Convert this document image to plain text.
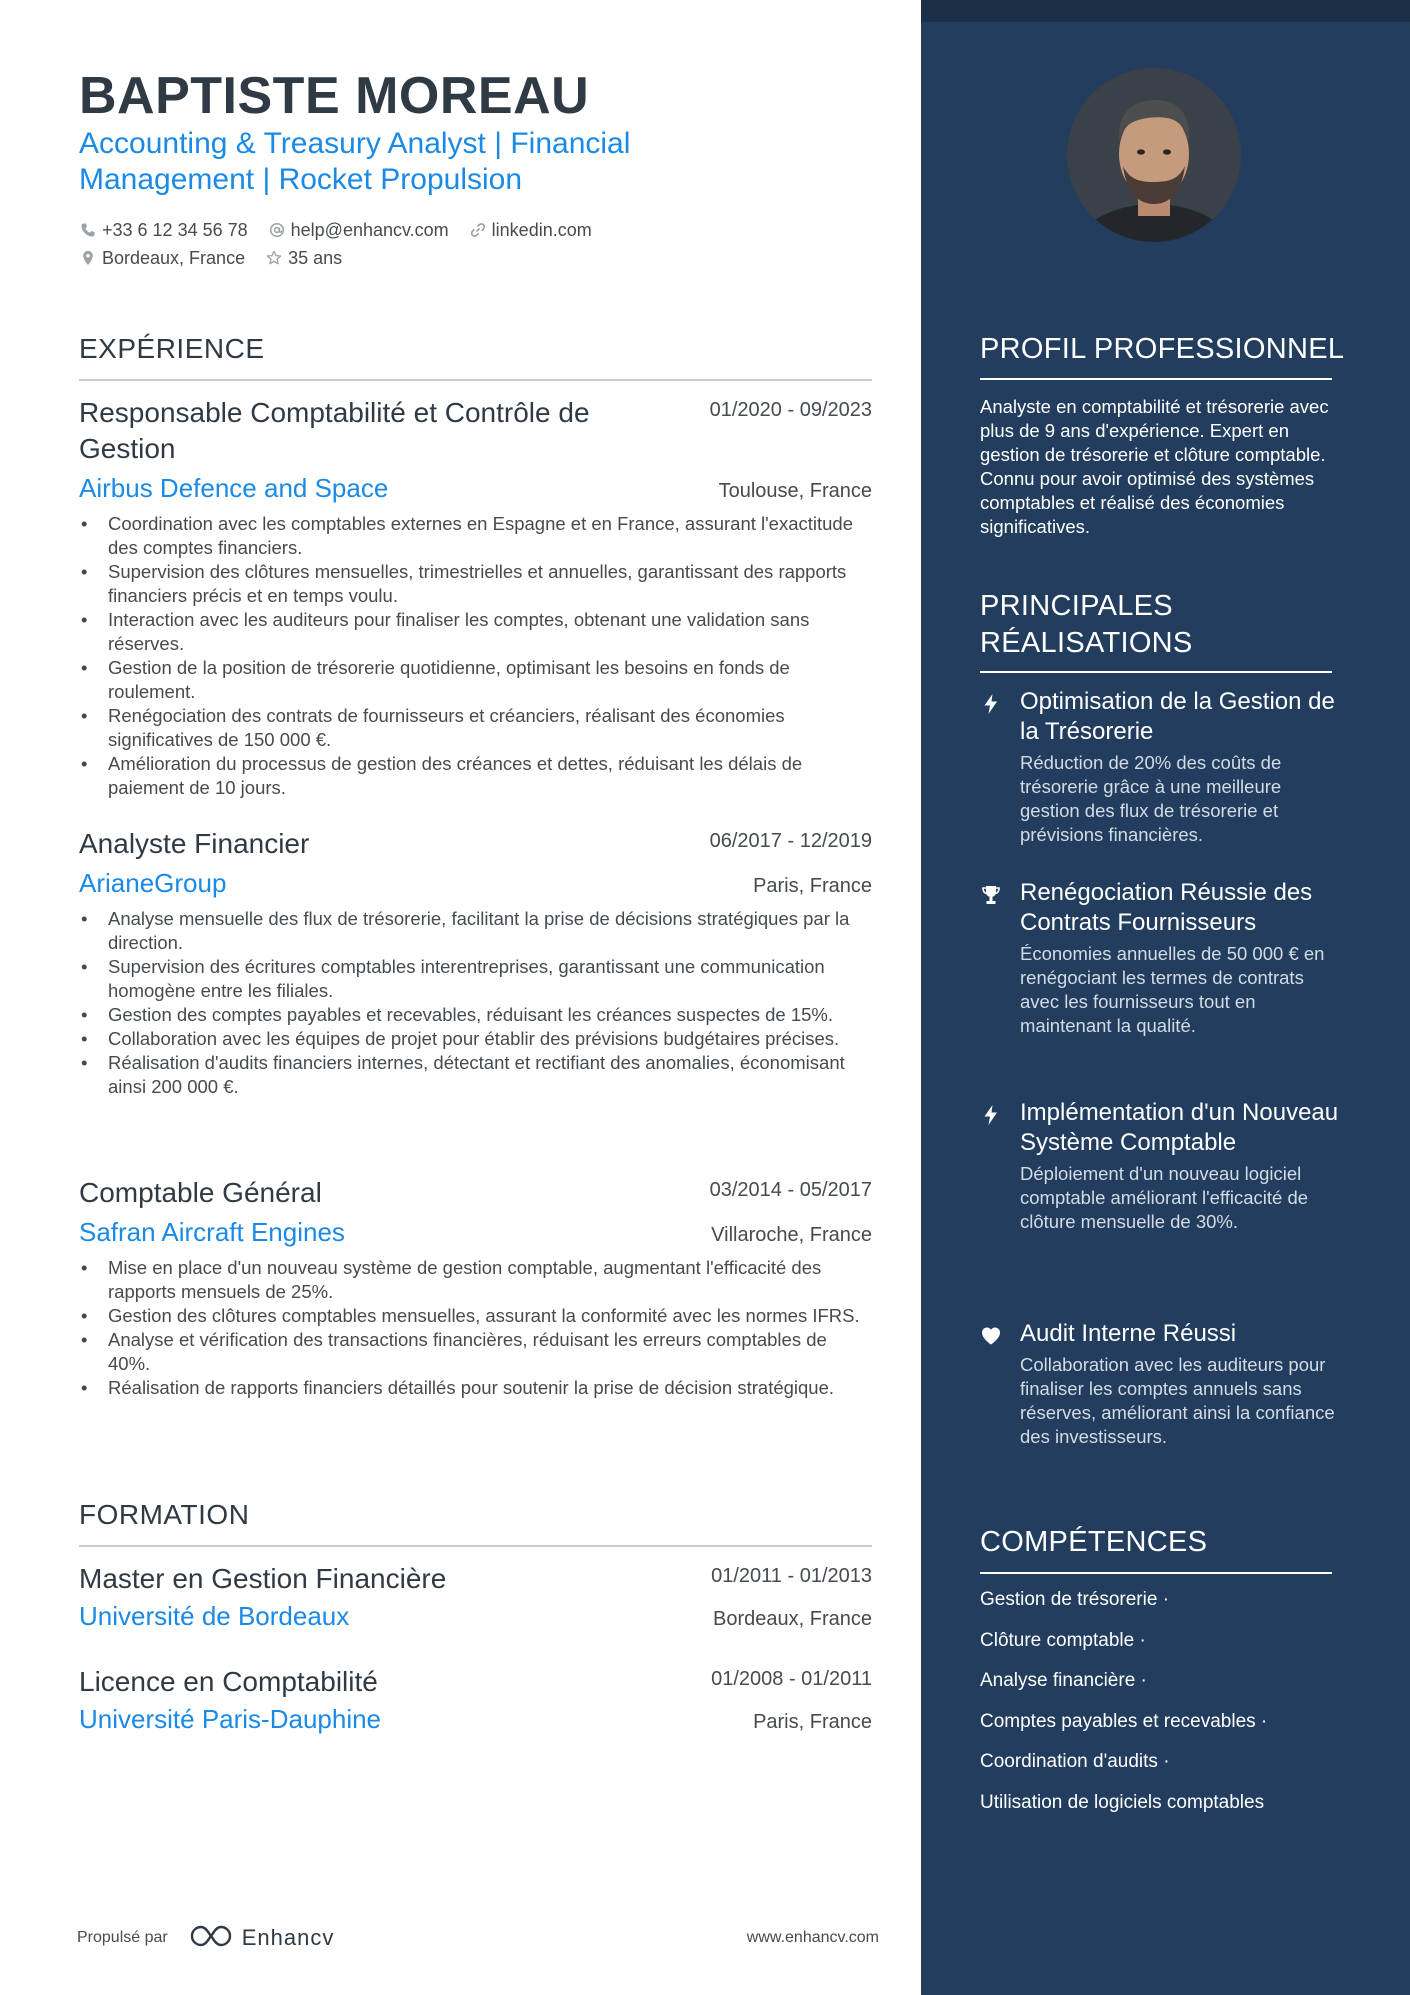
BAPTISTE MOREAU
Accounting & Treasury Analyst | Financial
Management | Rocket Propulsion
+33 6 12 34 56 78 help@enhancv.com linkedin.com
Bordeaux, France 35 ans
EXPÉRIENCE
Responsable Comptabilité et Contrôle de Gestion
01/2020 - 09/2023
Airbus Defence and Space	Toulouse, France
• Coordination avec les comptables externes en Espagne et en France, assurant l'exactitude des comptes financiers.
• Supervision des clôtures mensuelles, trimestrielles et annuelles, garantissant des rapports financiers précis et en temps voulu.
• Interaction avec les auditeurs pour finaliser les comptes, obtenant une validation sans réserves.
• Gestion de la position de trésorerie quotidienne, optimisant les besoins en fonds de roulement.
• Renégociation des contrats de fournisseurs et créanciers, réalisant des économies significatives de 150 000 €.
• Amélioration du processus de gestion des créances et dettes, réduisant les délais de paiement de 10 jours.
Analyste Financier	06/2017 - 12/2019
ArianeGroup	Paris, France
• Analyse mensuelle des flux de trésorerie, facilitant la prise de décisions stratégiques par la direction.
• Supervision des écritures comptables interentreprises, garantissant une communication homogène entre les filiales.
• Gestion des comptes payables et recevables, réduisant les créances suspectes de 15%.
• Collaboration avec les équipes de projet pour établir des prévisions budgétaires précises.
• Réalisation d'audits financiers internes, détectant et rectifiant des anomalies, économisant ainsi 200 000 €.
Comptable Général	03/2014 - 05/2017
Safran Aircraft Engines	Villaroche, France
• Mise en place d'un nouveau système de gestion comptable, augmentant l'efficacité des rapports mensuels de 25%.
• Gestion des clôtures comptables mensuelles, assurant la conformité avec les normes IFRS.
• Analyse et vérification des transactions financières, réduisant les erreurs comptables de 40%.
• Réalisation de rapports financiers détaillés pour soutenir la prise de décision stratégique.
FORMATION
Master en Gestion Financière	01/2011 - 01/2013
Université de Bordeaux	Bordeaux, France
Licence en Comptabilité	01/2008 - 01/2011
Université Paris-Dauphine	Paris, France
Propulsé par	Enhancv	www.enhancv.com
PROFIL PROFESSIONNEL
Analyste en comptabilité et trésorerie avec plus de 9 ans d'expérience. Expert en gestion de trésorerie et clôture comptable. Connu pour avoir optimisé des systèmes comptables et réalisé des économies significatives.
PRINCIPALES
RÉALISATIONS
Optimisation de la Gestion de la Trésorerie
Réduction de 20% des coûts de trésorerie grâce à une meilleure gestion des flux de trésorerie et prévisions financières.
Renégociation Réussie des Contrats Fournisseurs
Économies annuelles de 50 000 € en renégociant les termes de contrats avec les fournisseurs tout en maintenant la qualité.
Implémentation d'un Nouveau Système Comptable
Déploiement d'un nouveau logiciel comptable améliorant l'efficacité de clôture mensuelle de 30%.
Audit Interne Réussi
Collaboration avec les auditeurs pour finaliser les comptes annuels sans réserves, améliorant ainsi la confiance des investisseurs.
COMPÉTENCES
Gestion de trésorerie ·
Clôture comptable ·
Analyse financière ·
Comptes payables et recevables ·
Coordination d'audits ·
Utilisation de logiciels comptables
